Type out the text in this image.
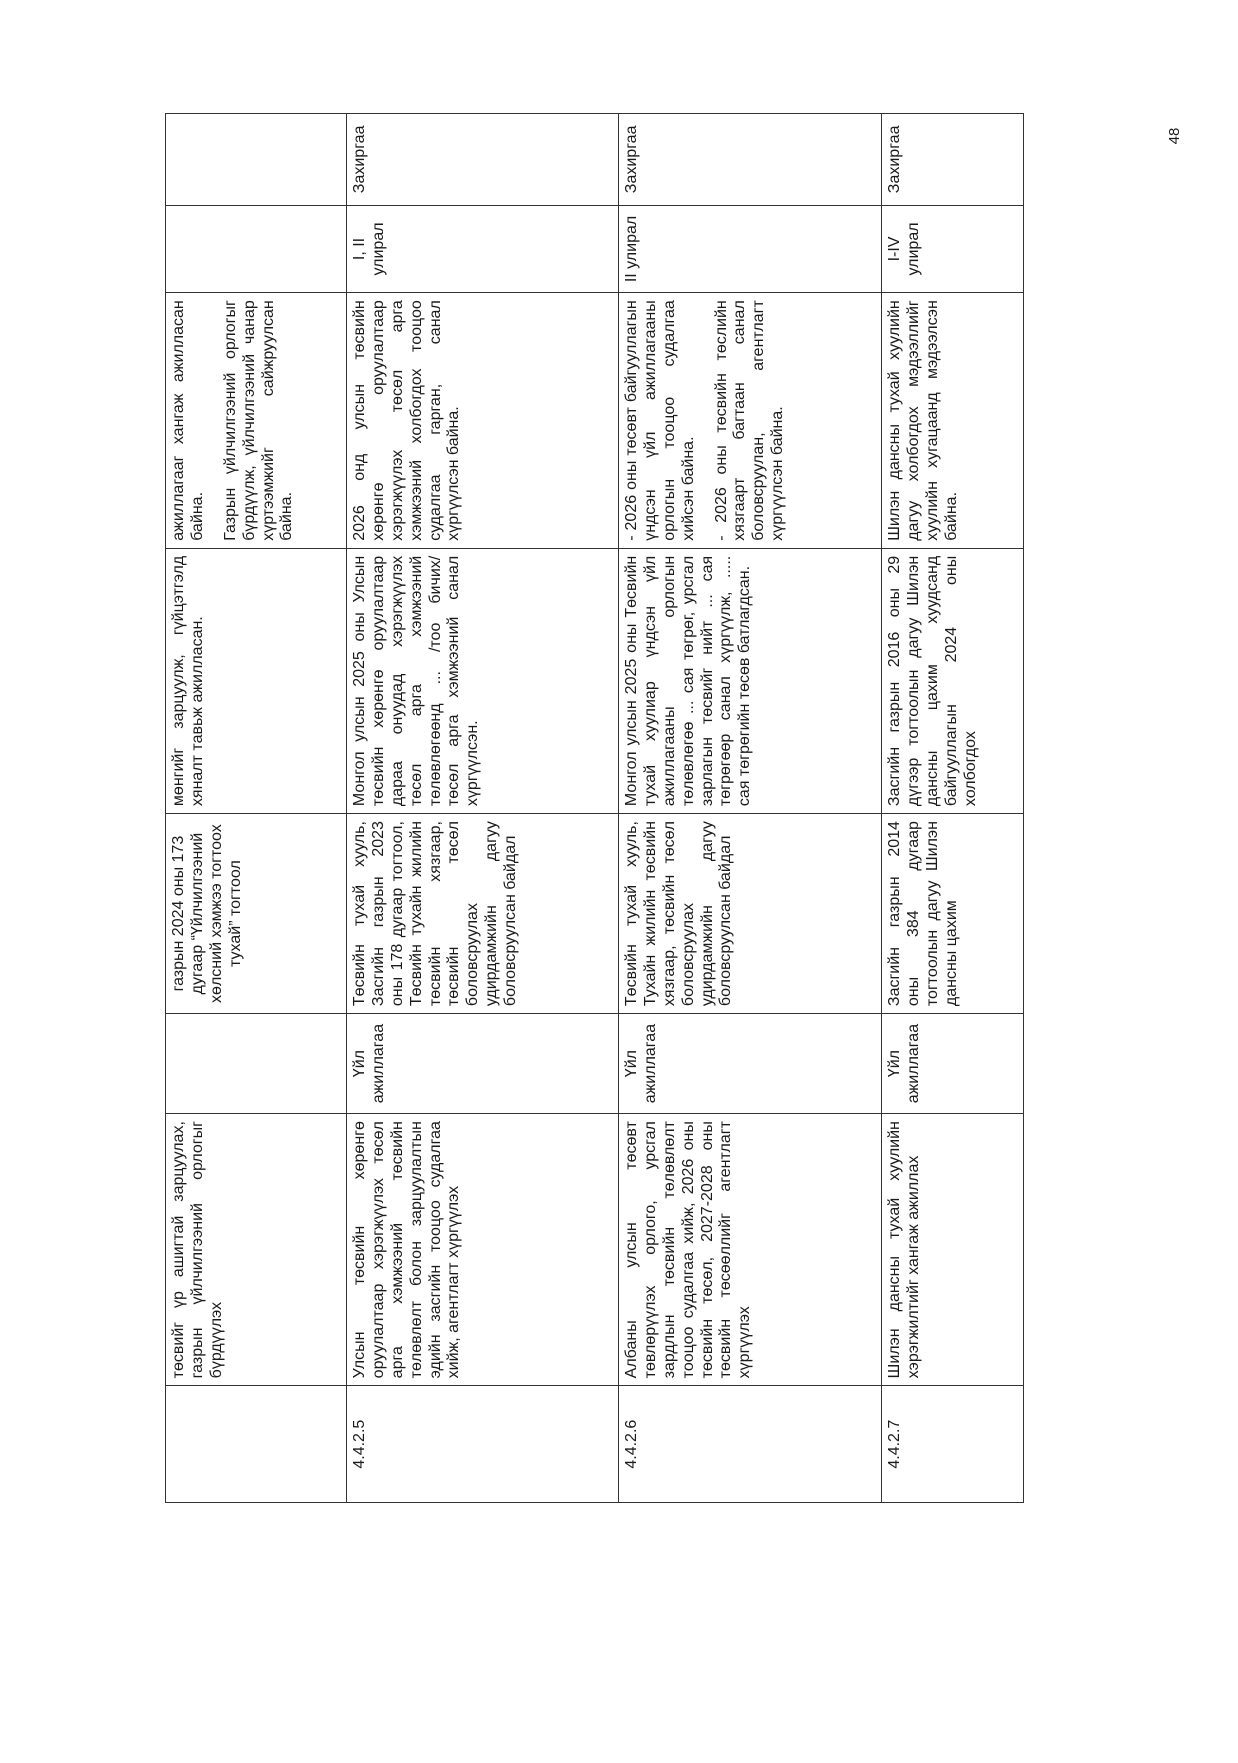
	төсвийг үр ашигтай зарцуулах, газрын үйлчилгээний орлогыг бүрдүүлэх		газрын 2024 оны 173 дугаар “Үйлчилгээний хөлсний хэмжээ тогтоох тухай” тогтоол	мөнгийг зарцуулж, гүйцэтгэлд хяналт тавьж ажилласан.	ажиллагааг хангаж ажилласан байна. Газрын үйлчилгээний орлогыг бүрдүүлж, үйлчилгээний чанар хүртээмжийг сайжруулсан байна.		

4.4.2.5	Улсын төсвийн хөрөнгө оруулалтаар хэрэгжүүлэх төсөл арга хэмжээний төсвийн төлөвлөлт болон зарцуулалтын эдийн засгийн тооцоо судалгаа хийж, агентлагт хүргүүлэх	Үйл ажиллагаа	Төсвийн тухай хууль, Засгийн газрын 2023 оны 178 дугаар тогтоол, Төсвийн тухайн жилийн төсвийн хязгаар, төсвийн төсөл боловсруулах удирдамжийн дагуу боловсруулсан байдал	Монгол улсын 2025 оны Улсын төсвийн хөрөнгө оруулалтаар дараа онуудад хэрэгжүүлэх төсөл арга хэмжээний төлөвлөгөөнд ... /тоо бичих/ төсөл арга хэмжээний санал хүргүүлсэн.	2026 онд улсын төсвийн хөрөнгө оруулалтаар хэрэгжүүлэх төсөл арга хэмжээний холбогдох тооцоо судалгаа гарган, санал хүргүүлсэн байна.	I, II улирал	Захиргаа
4.4.2.6	Албаны улсын төсөвт төвлөрүүлэх орлого, урсгал зардлын төсвийн төлөвлөлт тооцоо судалгаа хийж, 2026 оны төсвийн төсөл, 2027-2028 оны төсвийн төсөөллийг агентлагт хүргүүлэх	Үйл ажиллагаа	Төсвийн тухай хууль, Тухайн жилийн төсвийн хязгаар, төсвийн төсөл боловсруулах удирдамжийн дагуу боловсруулсан байдал	Монгол улсын 2025 оны Төсвийн тухай хуулиар үндсэн үйл ажиллагааны орлогын төлөвлөгөө ... сая төгрөг, урсгал зарлагын төсвийг нийт ... сая төгрөгөөр санал хүргүүлж, ..... сая төгрөгийн төсөв батлагдсан.	- 2026 оны төсөвт байгууллагын үндсэн үйл ажиллагааны орлогын тооцоо судалгаа хийсэн байна. - 2026 оны төсвийн төслийн хязгаарт багтаан санал боловсруулан, агентлагт хүргүүлсэн байна.	II улирал	Захиргаа
4.4.2.7	Шилэн дансны тухай хуулийн хэрэгжилтийг хангаж ажиллах	Үйл ажиллагаа	Засгийн газрын 2014 оны 384 дугаар тогтоолын дагуу Шилэн дансны цахим	Засгийн газрын 2016 оны 29 дүгээр тогтоолын дагуу Шилэн дансны цахим хуудсанд байгууллагын 2024 оны холбогдох	Шилэн дансны тухай хуулийн дагуу холбогдох мэдээллийг хуулийн хугацаанд мэдээлсэн байна.	I-IV улирал	Захиргаа	48
